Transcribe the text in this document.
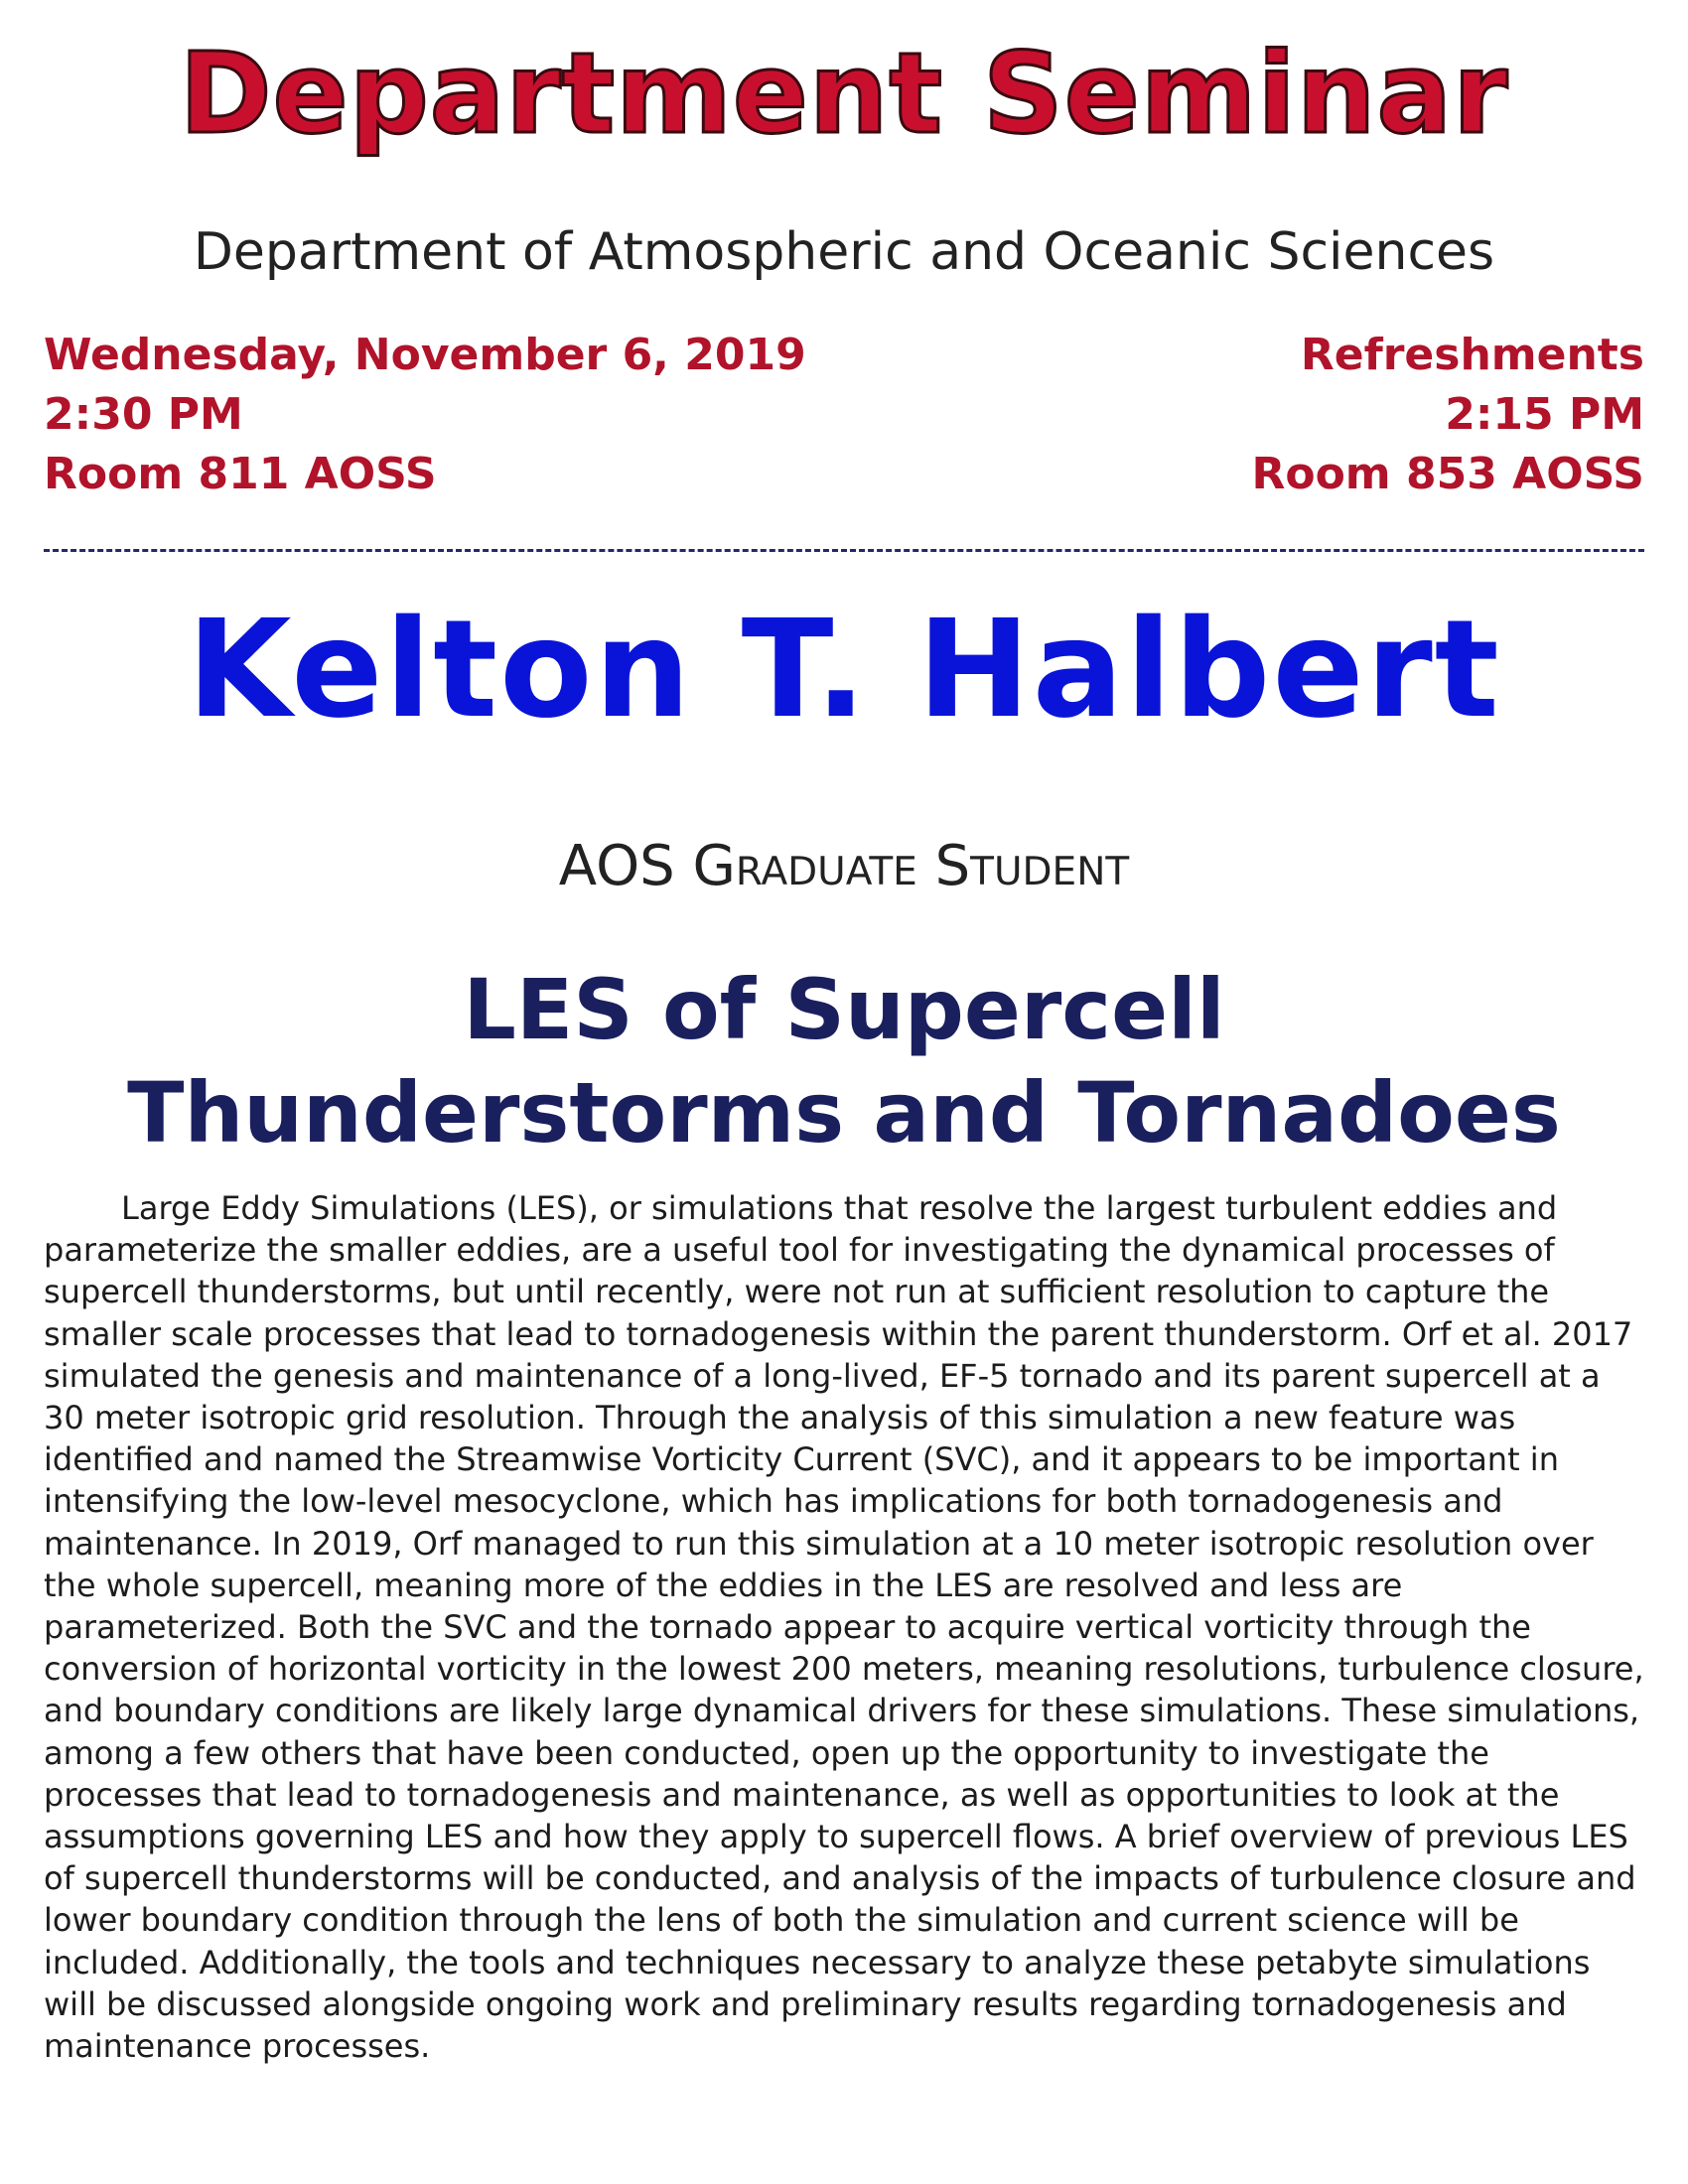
Department Seminar
Department of Atmospheric and Oceanic Sciences
Wednesday, November 6, 2019
2:30 PM
Room 811 AOSS
Refreshments
2:15 PM
Room 853 AOSS
Kelton T. Halbert
AOS Graduate Student
LES of Supercell
Thunderstorms and Tornadoes

Large Eddy Simulations (LES), or simulations that resolve the largest turbulent eddies and parameterize the smaller eddies, are a useful tool for investigating the dynamical processes of supercell thunderstorms, but until recently, were not run at sufficient resolution to capture the smaller scale processes that lead to tornadogenesis within the parent thunderstorm. Orf et al. 2017 simulated the genesis and maintenance of a long-lived, EF-5 tornado and its parent supercell at a 30 meter isotropic grid resolution. Through the analysis of this simulation a new feature was identified and named the Streamwise Vorticity Current (SVC), and it appears to be important in intensifying the low-level mesocyclone, which has implications for both tornadogenesis and maintenance. In 2019, Orf managed to run this simulation at a 10 meter isotropic resolution over the whole supercell, meaning more of the eddies in the LES are resolved and less are parameterized. Both the SVC and the tornado appear to acquire vertical vorticity through the conversion of horizontal vorticity in the lowest 200 meters, meaning resolutions, turbulence closure, and boundary conditions are likely large dynamical drivers for these simulations. These simulations, among a few others that have been conducted, open up the opportunity to investigate the processes that lead to tornadogenesis and maintenance, as well as opportunities to look at the assumptions governing LES and how they apply to supercell flows. A brief overview of previous LES of supercell thunderstorms will be conducted, and analysis of the impacts of turbulence closure and lower boundary condition through the lens of both the simulation and current science will be included. Additionally, the tools and techniques necessary to analyze these petabyte simulations will be discussed alongside ongoing work and preliminary results regarding tornadogenesis and maintenance processes.
